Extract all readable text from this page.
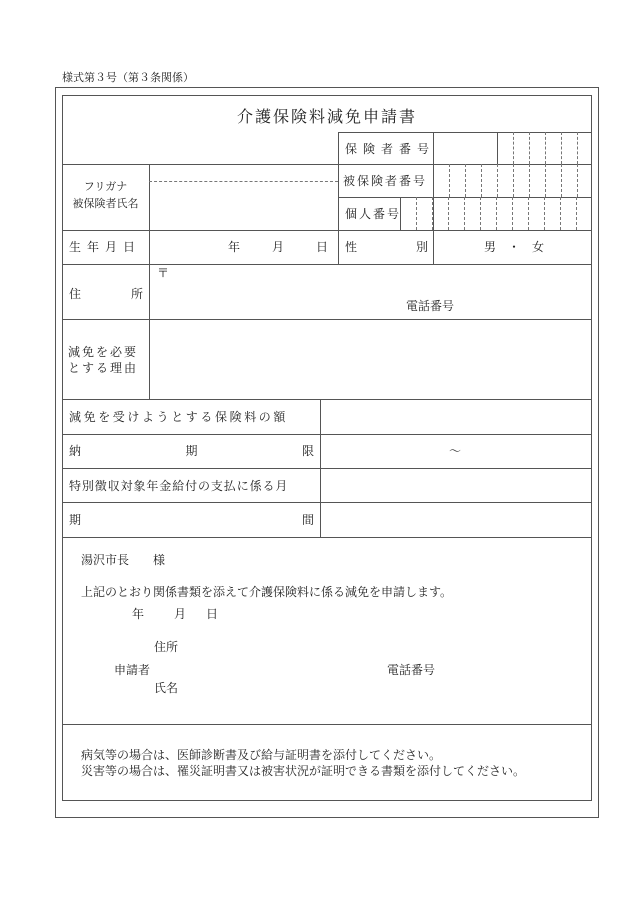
様式第３号（第３条関係）
介護保険料減免申請書
保険者番号
被保険者番号
個人番号
フリガナ
被保険者氏名
生年月日	年	月	日 性	別	男　・　女
住	所
〒
電話番号
減免を必要
とする理由
減免を受けようとする保険料の額
納	期	限	～
特別徴収対象年金給付の支払に係る月
期	間
湯沢市長　　様
上記のとおり関係書類を添えて介護保険料に係る減免を申請します。
年 月 日
住所
申請者	電話番号
氏名
病気等の場合は、医師診断書及び給与証明書を添付してください。
災害等の場合は、罹災証明書又は被害状況が証明できる書類を添付してください。
